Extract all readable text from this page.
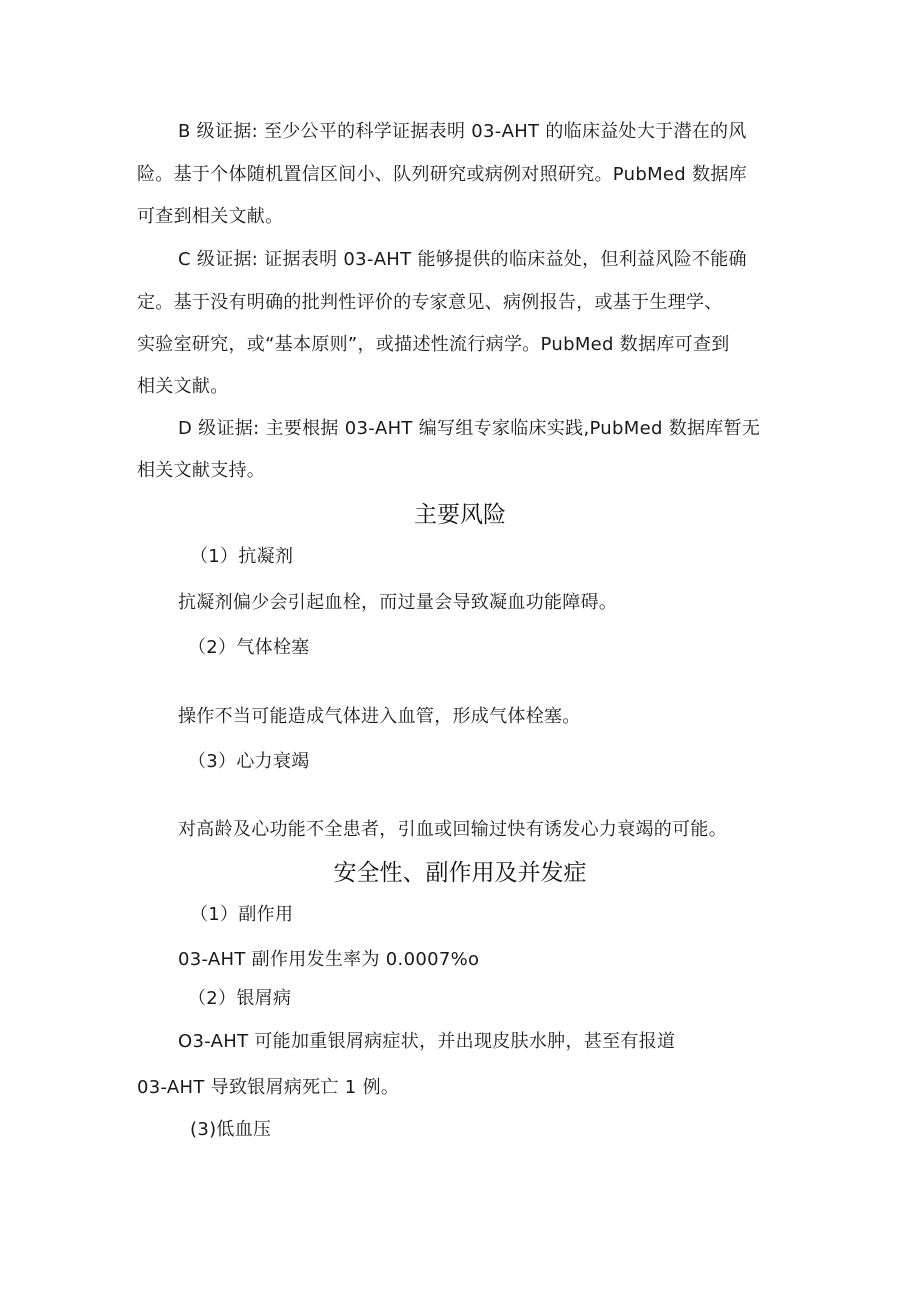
B 级证据: 至少公平的科学证据表明 03-AHT 的临床益处大于潜在的风
险。基于个体随机置信区间小、队列研究或病例对照研究。PubMed 数据库
可查到相关文献。
C 级证据: 证据表明 03-AHT 能够提供的临床益处，但利益风险不能确
定。基于没有明确的批判性评价的专家意见、病例报告，或基于生理学、
实验室研究，或“基本原则”，或描述性流行病学。PubMed 数据库可查到
相关文献。
D 级证据: 主要根据 03-AHT 编写组专家临床实践,PubMed 数据库暂无
相关文献支持。
主要风险
（1）抗凝剂
抗凝剂偏少会引起血栓，而过量会导致凝血功能障碍。
（2）气体栓塞
操作不当可能造成气体进入血管，形成气体栓塞。
（3）心力衰竭
对高龄及心功能不全患者，引血或回输过快有诱发心力衰竭的可能。
安全性、副作用及并发症
（1）副作用
03-AHT 副作用发生率为 0.0007%o
（2）银屑病
O3-AHT 可能加重银屑病症状，并出现皮肤水肿，甚至有报道
03-AHT 导致银屑病死亡 1 例。
(3)低血压
